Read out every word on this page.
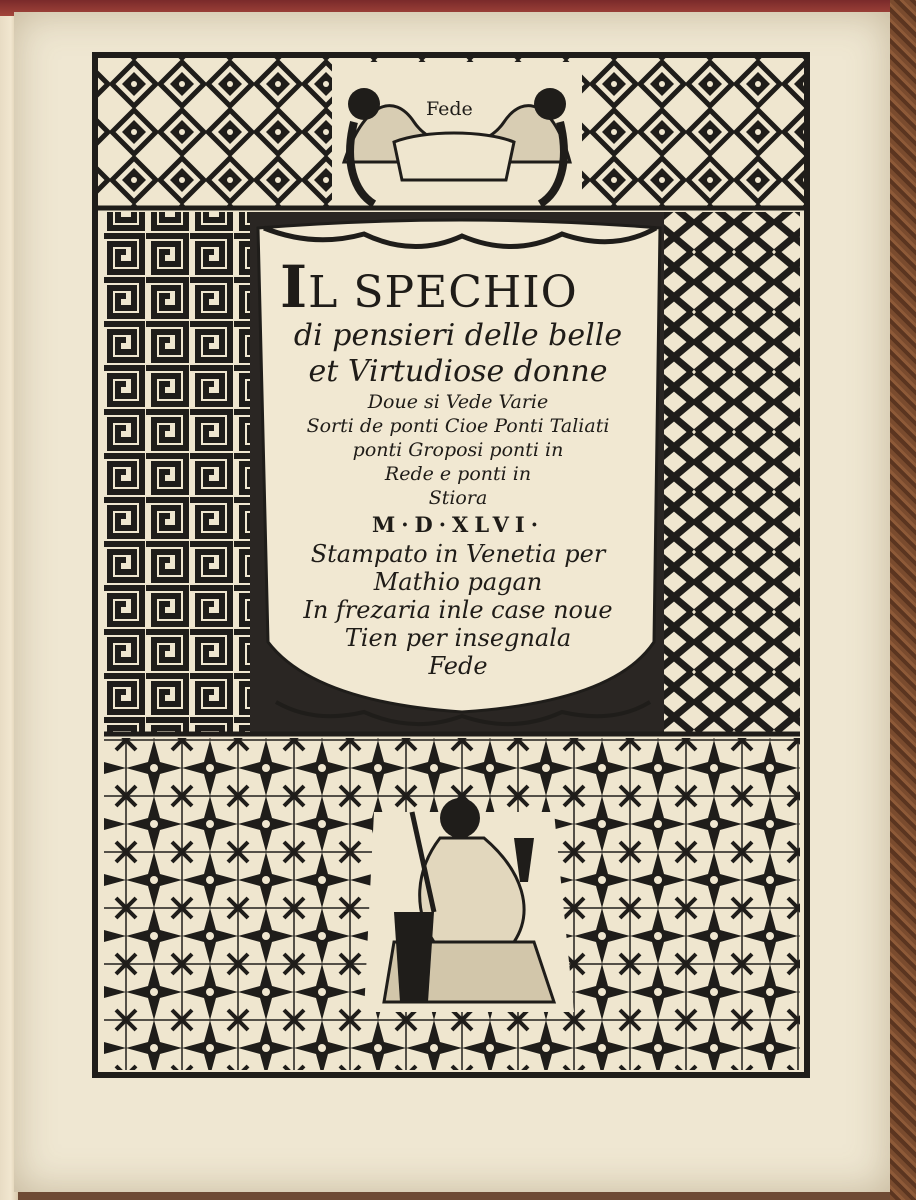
Fede

IL SPECHIO

di pensieri delle belle

et Virtudiose donne

Doue si Vede Varie

Sorti de ponti Cioe Ponti Taliati

ponti Groposi ponti in

Rede e ponti in

Stiora

M·D·XLVI·

Stampato in Venetia per

Mathio pagan

In frezaria inle case noue

Tien per insegnala

Fede
